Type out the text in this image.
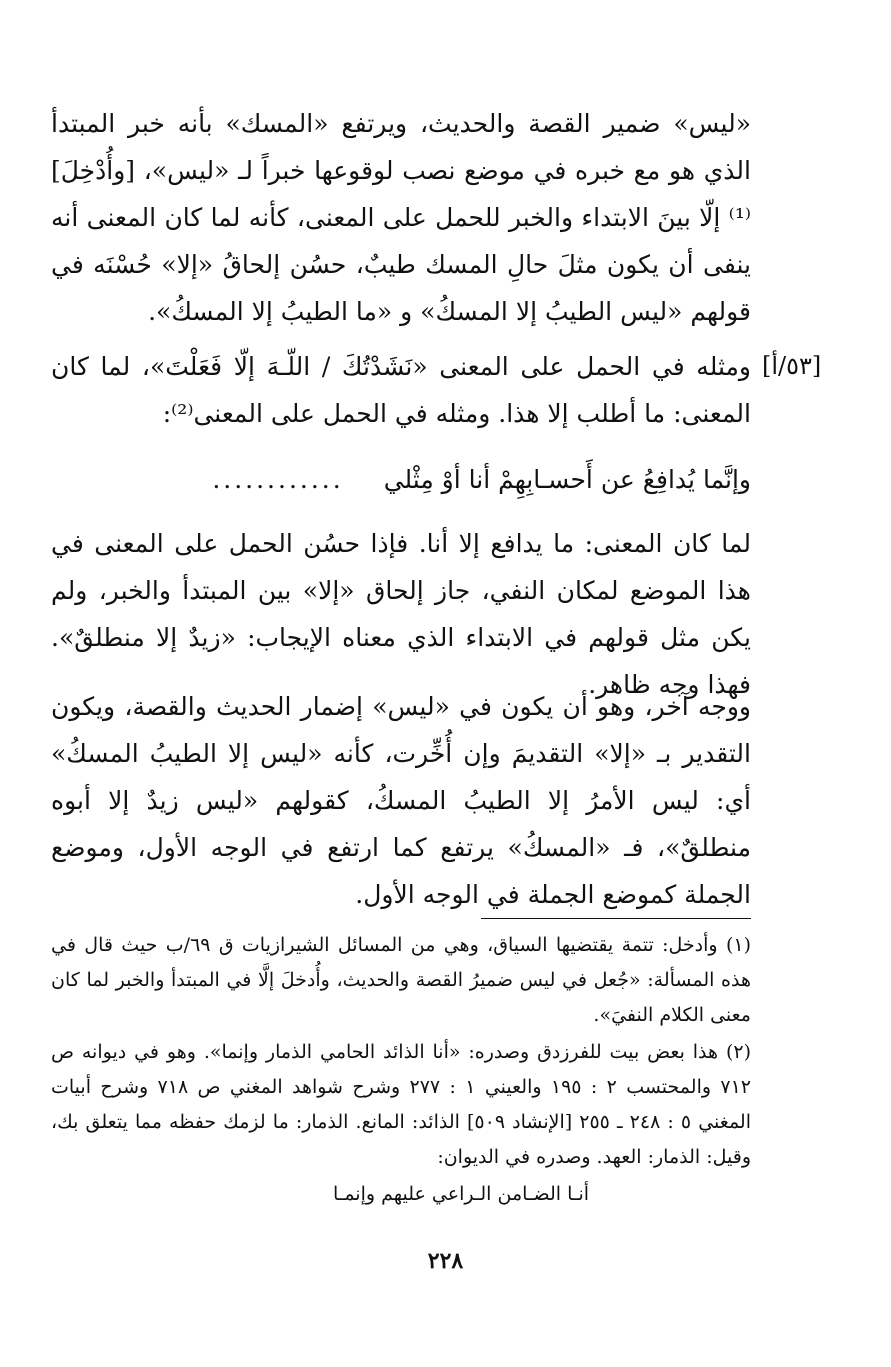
«ليس» ضمير القصة والحديث، ويرتفع «المسك» بأنه خبر المبتدأ الذي هو مع خبره في موضع نصب لوقوعها خبراً لـ «ليس»، [وأُدْخِلَ]⁽¹⁾ إلّا بينَ الابتداء والخبر للحمل على المعنى، كأنه لما كان المعنى أنه ينفى أن يكون مثلَ حالِ المسك طيبٌ، حسُن إلحاقُ «إلا» حُسْنَه في قولهم «ليس الطيبُ إلا المسكُ» و «ما الطيبُ إلا المسكُ».

[٥٣/أ]

ومثله في الحمل على المعنى «نَشَدْتُكَ / اللّـهَ إلّا فَعَلْتَ»، لما كان المعنى: ما أطلب إلا هذا. ومثله في الحمل على المعنى⁽²⁾:

وإنَّما يُدافِعُ عن أَحسـابِهِمْ أنا أوْ مِثْلي
............

لما كان المعنى: ما يدافع إلا أنا. فإذا حسُن الحمل على المعنى في هذا الموضع لمكان النفي، جاز إلحاق «إلا» بين المبتدأ والخبر، ولم يكن مثل قولهم في الابتداء الذي معناه الإيجاب: «زيدٌ إلا منطلقٌ». فهذا وجه ظاهر.

ووجه آخر، وهو أن يكون في «ليس» إضمار الحديث والقصة، ويكون التقدير بـ «إلا» التقديمَ وإن أُخِّرت، كأنه «ليس إلا الطيبُ المسكُ» أي: ليس الأمرُ إلا الطيبُ المسكُ، كقولهم «ليس زيدٌ إلا أبوه منطلقٌ»، فـ «المسكُ» يرتفع كما ارتفع في الوجه الأول، وموضع الجملة كموضع الجملة في الوجه الأول.

(١) وأدخل: تتمة يقتضيها السياق، وهي من المسائل الشيرازيات ق ٦٩/ب حيث قال في هذه المسألة: «جُعل في ليس ضميرُ القصة والحديث، وأُدخلَ إلَّا في المبتدأ والخبر لما كان معنى الكلام النفيَ».

(٢) هذا بعض بيت للفرزدق وصدره: «أنا الذائد الحامي الذمار وإنما». وهو في ديوانه ص ٧١٢ والمحتسب ٢ : ١٩٥ والعيني ١ : ٢٧٧ وشرح شواهد المغني ص ٧١٨ وشرح أبيات المغني ٥ : ٢٤٨ ـ ٢٥٥ [الإنشاد ٥٠٩] الذائد: المانع. الذمار: ما لزمك حفظه مما يتعلق بك، وقيل: الذمار: العهد. وصدره في الديوان:

أنـا الضـامن الـراعي عليهم وإنمـا

٢٢٨
